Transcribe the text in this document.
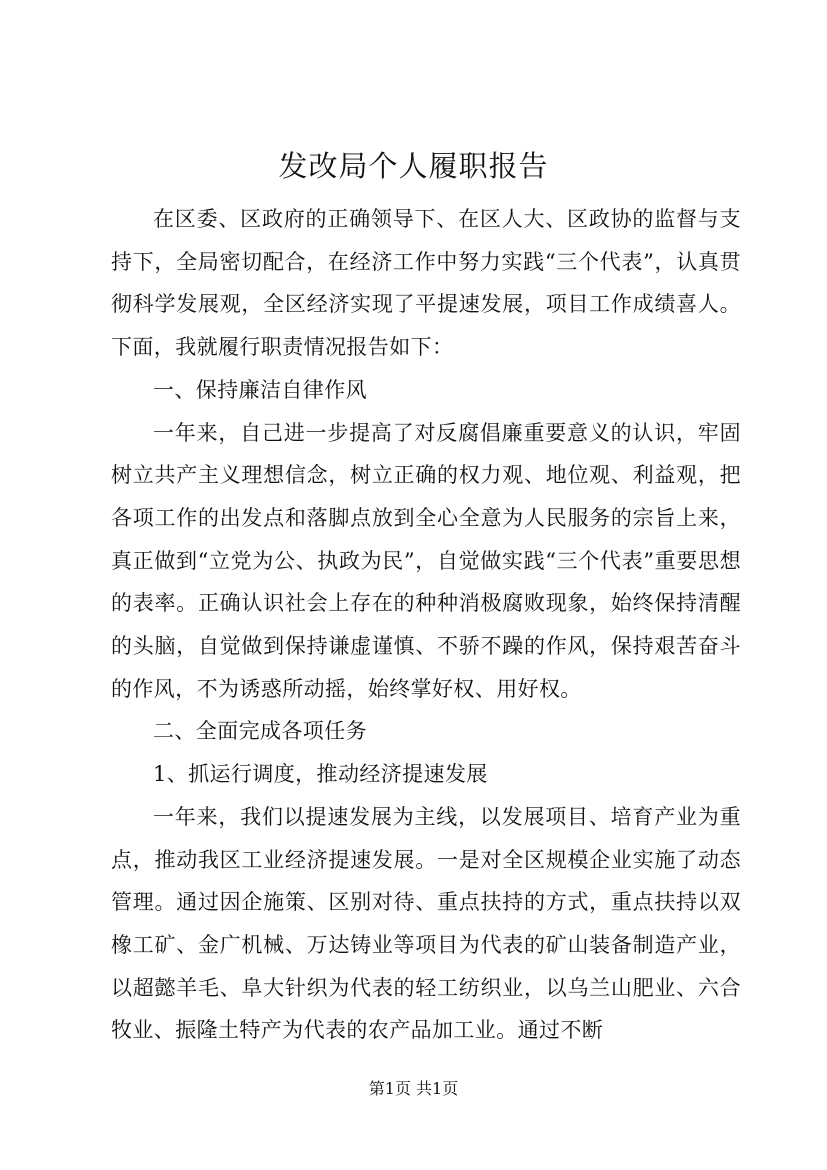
发改局个人履职报告

在区委、区政府的正确领导下、在区人大、区政协的监督与支持下，全局密切配合，在经济工作中努力实践“三个代表”，认真贯彻科学发展观，全区经济实现了平提速发展，项目工作成绩喜人。下面，我就履行职责情况报告如下：

一、保持廉洁自律作风

一年来，自己进一步提高了对反腐倡廉重要意义的认识，牢固树立共产主义理想信念，树立正确的权力观、地位观、利益观，把各项工作的出发点和落脚点放到全心全意为人民服务的宗旨上来，真正做到“立党为公、执政为民”，自觉做实践“三个代表”重要思想的表率。正确认识社会上存在的种种消极腐败现象，始终保持清醒的头脑，自觉做到保持谦虚谨慎、不骄不躁的作风，保持艰苦奋斗的作风，不为诱惑所动摇，始终掌好权、用好权。

二、全面完成各项任务

1、抓运行调度，推动经济提速发展

一年来，我们以提速发展为主线，以发展项目、培育产业为重点，推动我区工业经济提速发展。一是对全区规模企业实施了动态管理。通过因企施策、区别对待、重点扶持的方式，重点扶持以双橡工矿、金广机械、万达铸业等项目为代表的矿山装备制造产业，以超懿羊毛、阜大针织为代表的轻工纺织业，以乌兰山肥业、六合牧业、振隆土特产为代表的农产品加工业。通过不断

第1页 共1页
